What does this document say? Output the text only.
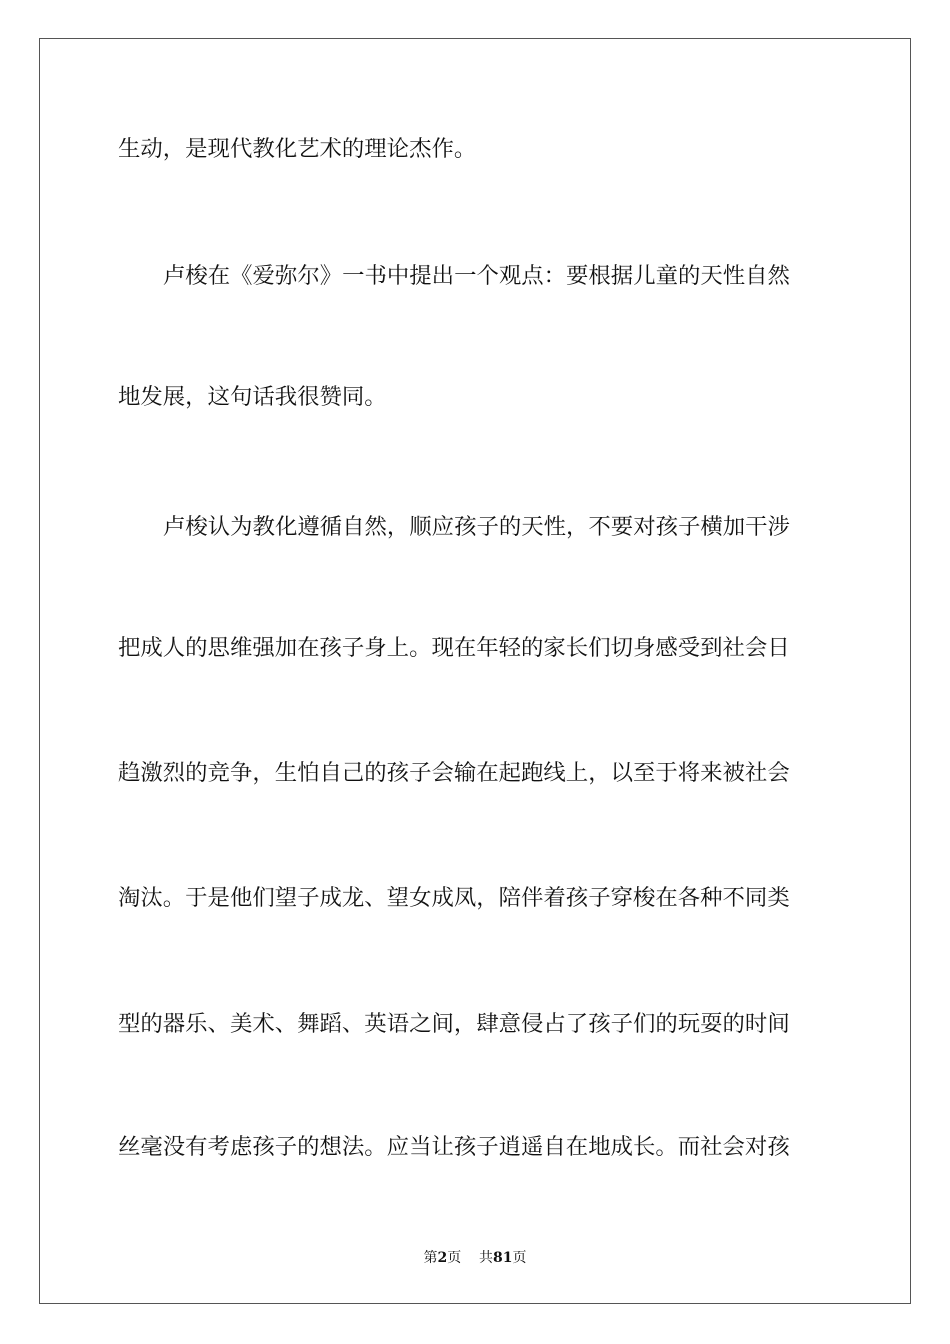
生动，是现代教化艺术的理论杰作。
卢梭在《爱弥尔》一书中提出一个观点：要根据儿童的天性自然
地发展，这句话我很赞同。
卢梭认为教化遵循自然，顺应孩子的天性，不要对孩子横加干涉
把成人的思维强加在孩子身上。现在年轻的家长们切身感受到社会日
趋激烈的竞争，生怕自己的孩子会输在起跑线上，以至于将来被社会
淘汰。于是他们望子成龙、望女成凤，陪伴着孩子穿梭在各种不同类
型的器乐、美术、舞蹈、英语之间，肆意侵占了孩子们的玩耍的时间
丝毫没有考虑孩子的想法。应当让孩子逍遥自在地成长。而社会对孩
第2页 共81页
